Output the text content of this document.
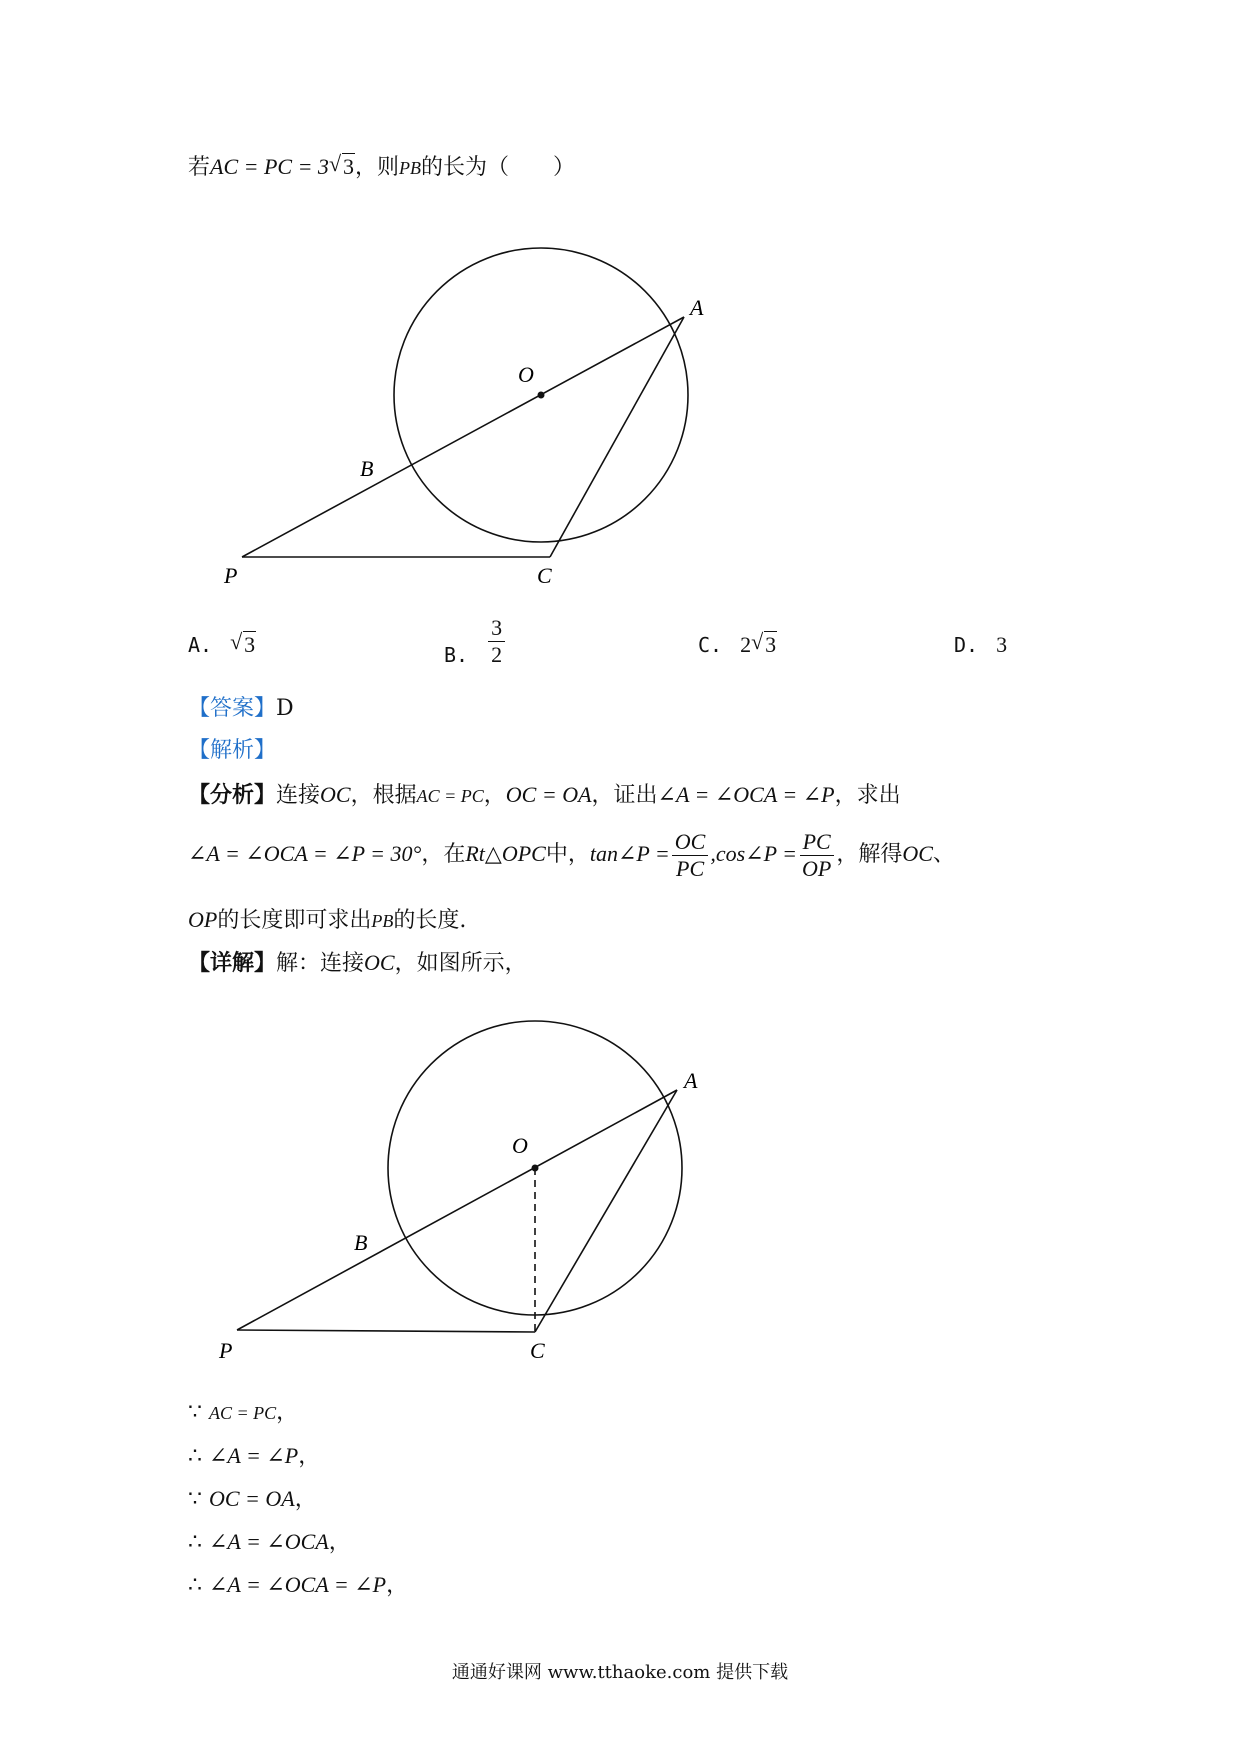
若AC = PC = 3 √ 3，则PB的长为（　　）
A
O
B
P	C
A. √ 3	B. $\frac{3}{2}$	C. 2 √ 3	D. 3
【答案】D
【解析】
【分析】连接OC，根据AC = PC，OC = OA，证出∠A = ∠OCA = ∠P，求出
∠A = ∠OCA = ∠P = 30°，在Rt△OPC中，tan∠P = $\frac{OC}{PC}$ ,cos∠P = $\frac{PC}{OP}$ ，解得OC、
OP的长度即可求出PB的长度.
【详解】解：连接OC，如图所示，
A
O
B
P	C
∵ AC = PC，
∴ ∠A = ∠P，
∵ OC = OA，
∴ ∠A = ∠OCA，
∴ ∠A = ∠OCA = ∠P，
通通好课网 www.tthaoke.com 提供下载
